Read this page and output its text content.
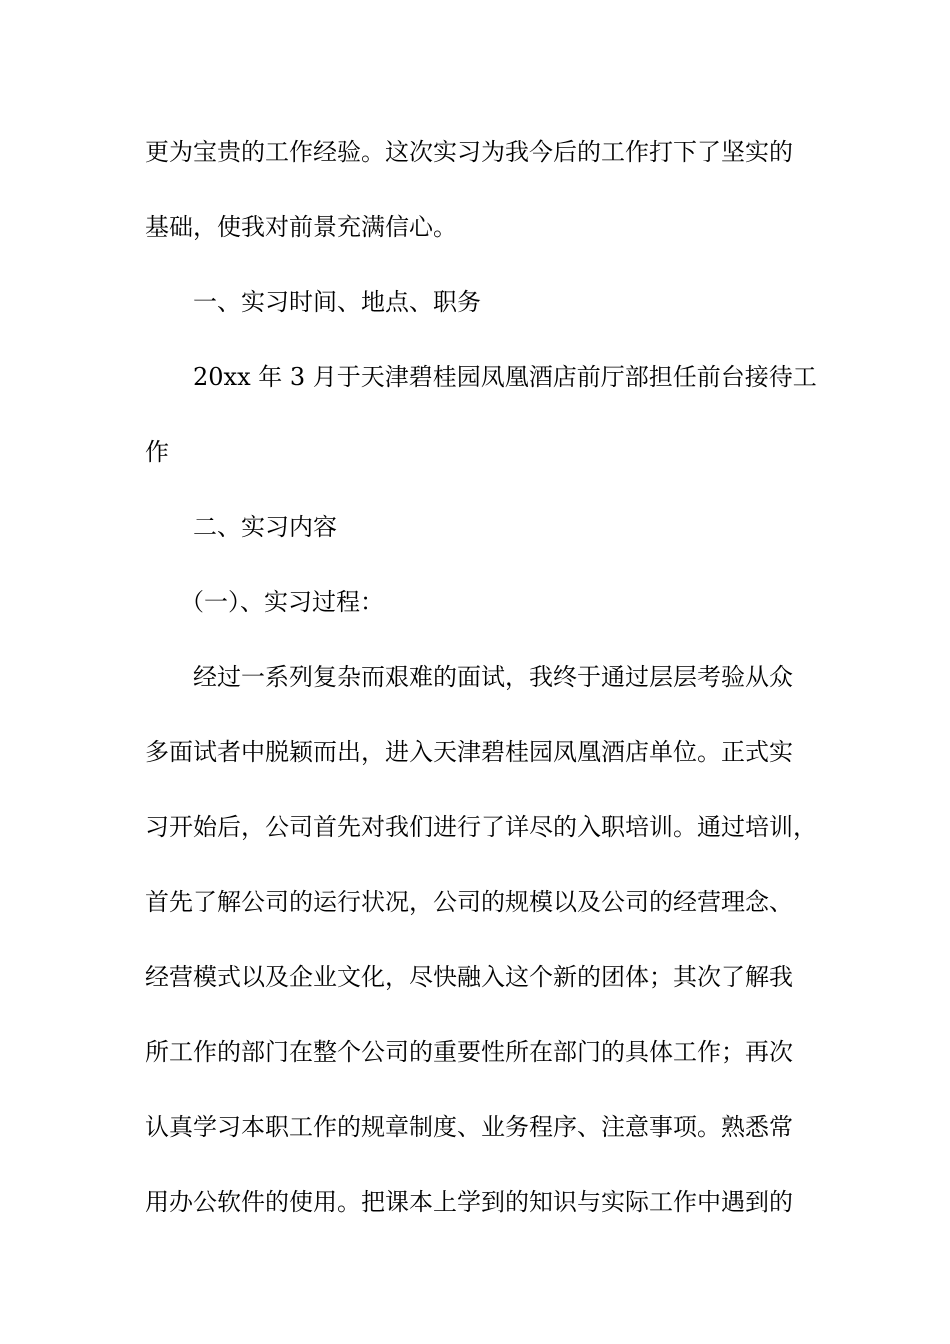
更为宝贵的工作经验。这次实习为我今后的工作打下了坚实的
基础，使我对前景充满信心。
一、实习时间、地点、职务
20xx 年 3 月于天津碧桂园凤凰酒店前厅部担任前台接待工
作
二、实习内容
（一）、实习过程：
经过一系列复杂而艰难的面试，我终于通过层层考验从众
多面试者中脱颖而出，进入天津碧桂园凤凰酒店单位。正式实
习开始后，公司首先对我们进行了详尽的入职培训。通过培训，
首先了解公司的运行状况，公司的规模以及公司的经营理念、
经营模式以及企业文化，尽快融入这个新的团体；其次了解我
所工作的部门在整个公司的重要性所在部门的具体工作；再次
认真学习本职工作的规章制度、业务程序、注意事项。熟悉常
用办公软件的使用。把课本上学到的知识与实际工作中遇到的
